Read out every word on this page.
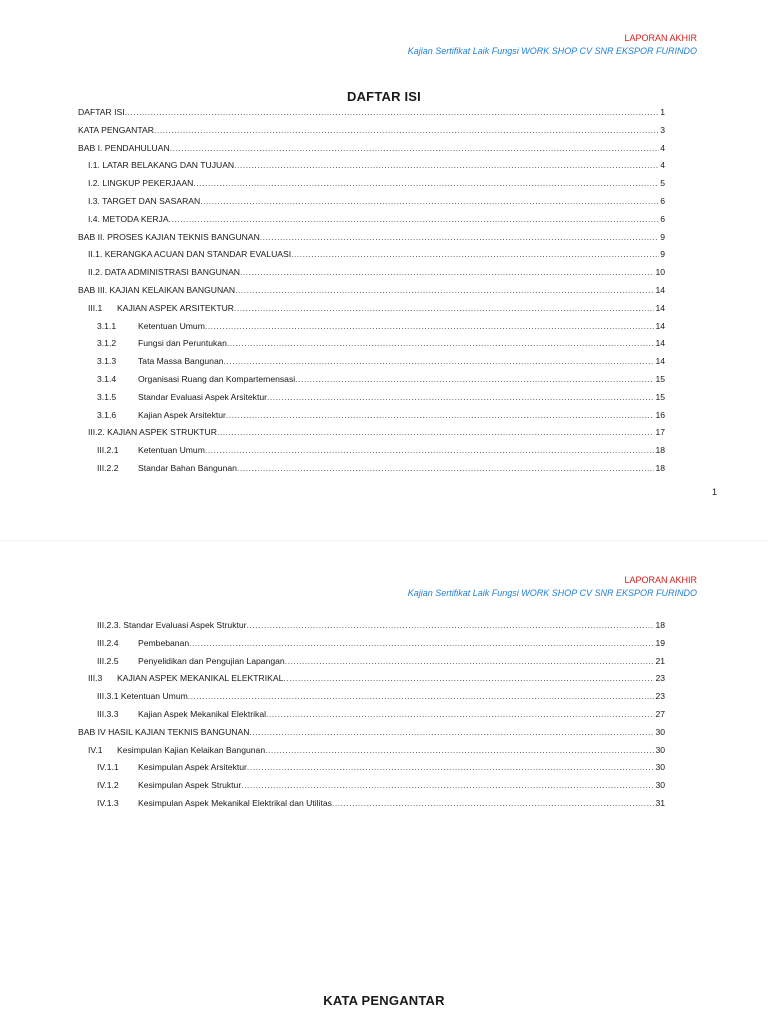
LAPORAN AKHIR
Kajian Sertifikat Laik Fungsi WORK SHOP CV SNR EKSPOR FURINDO
DAFTAR ISI
DAFTAR ISI .....	1
KATA PENGANTAR .....	3
BAB I. PENDAHULUAN .....	4
I.1. LATAR BELAKANG DAN TUJUAN .....	4
I.2. LINGKUP PEKERJAAN .....	5
I.3. TARGET DAN SASARAN .....	6
I.4. METODA KERJA .....	6
BAB II. PROSES KAJIAN TEKNIS BANGUNAN .....	9
II.1. KERANGKA ACUAN DAN STANDAR EVALUASI .....	9
II.2. DATA ADMINISTRASI BANGUNAN .....	10
BAB III. KAJIAN KELAIKAN BANGUNAN .....	14
III.1	KAJIAN ASPEK ARSITEKTUR .....	14
3.1.1	Ketentuan Umum .....	14
3.1.2	Fungsi dan Peruntukan .....	14
3.1.3	Tata Massa Bangunan .....	14
3.1.4	Organisasi Ruang dan Kompartemensasi .....	15
3.1.5	Standar Evaluasi Aspek Arsitektur .....	15
3.1.6	Kajian Aspek Arsitektur .....	16
III.2. KAJIAN ASPEK STRUKTUR .....	17
III.2.1	Ketentuan Umum .....	18
III.2.2	Standar Bahan Bangunan .....	18
1
LAPORAN AKHIR
Kajian Sertifikat Laik Fungsi WORK SHOP CV SNR EKSPOR FURINDO
III.2.3. Standar Evaluasi Aspek Struktur .....	18
III.2.4	Pembebanan .....	19
III.2.5	Penyelidikan dan Pengujian Lapangan .....	21
III.3	KAJIAN ASPEK MEKANIKAL ELEKTRIKAL .....	23
III.3.1 Ketentuan Umum .....	23
III.3.3	Kajian Aspek Mekanikal Elektrikal .....	27
BAB IV HASIL KAJIAN TEKNIS BANGUNAN .....	30
IV.1	Kesimpulan Kajian Kelaikan Bangunan .....	30
IV.1.1	Kesimpulan Aspek Arsitektur .....	30
IV.1.2	Kesimpulan Aspek Struktur .....	30
IV.1.3	Kesimpulan Aspek Mekanikal Elektrikal dan Utilitas .....	31
KATA PENGANTAR
